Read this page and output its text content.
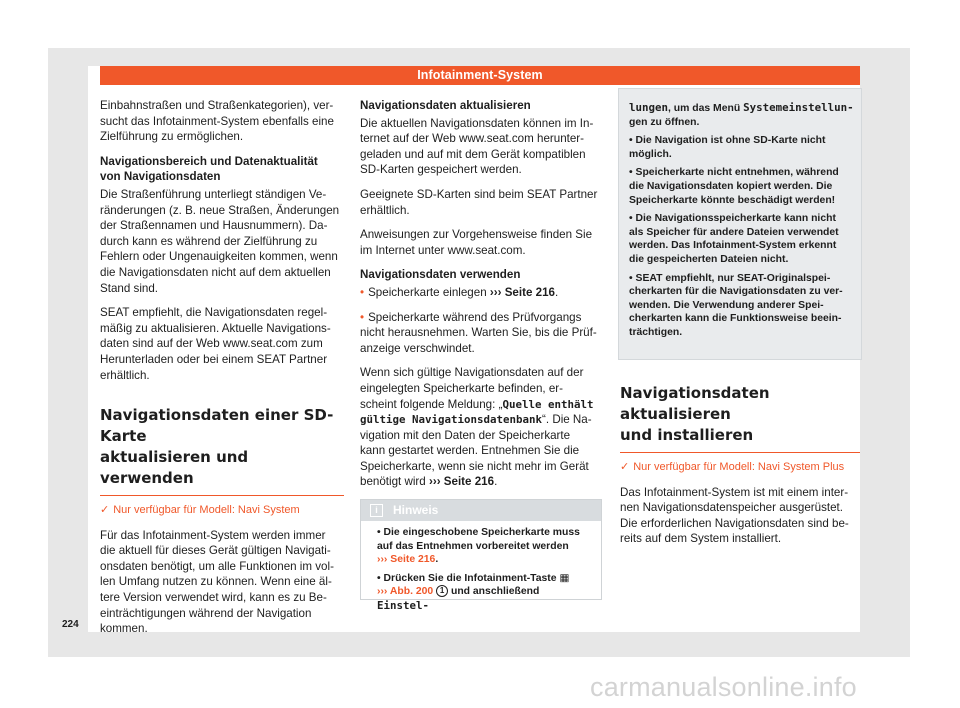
Infotainment-System

Einbahnstraßen und Straßenkategorien), ver-
sucht das Infotainment-System ebenfalls eine
Zielführung zu ermöglichen.

Navigationsbereich und Datenaktualität
von Navigationsdaten

Die Straßenführung unterliegt ständigen Ve-
ränderungen (z. B. neue Straßen, Änderungen
der Straßennamen und Hausnummern). Da-
durch kann es während der Zielführung zu
Fehlern oder Ungenauigkeiten kommen, wenn
die Navigationsdaten nicht auf dem aktuellen
Stand sind.

SEAT empfiehlt, die Navigationsdaten regel-
mäßig zu aktualisieren. Aktuelle Navigations-
daten sind auf der Web www.seat.com zum
Herunterladen oder bei einem SEAT Partner
erhältlich.

Navigationsdaten einer SD-Karte
aktualisieren und verwenden
✓ Nur verfügbar für Modell: Navi System

Für das Infotainment-System werden immer
die aktuell für dieses Gerät gültigen Navigati-
onsdaten benötigt, um alle Funktionen im vol-
len Umfang nutzen zu können. Wenn eine äl-
tere Version verwendet wird, kann es zu Be-
einträchtigungen während der Navigation
kommen.

Navigationsdaten aktualisieren

Die aktuellen Navigationsdaten können im In-
ternet auf der Web www.seat.com herunter-
geladen und auf mit dem Gerät kompatiblen
SD-Karten gespeichert werden.

Geeignete SD-Karten sind beim SEAT Partner
erhältlich.

Anweisungen zur Vorgehensweise finden Sie
im Internet unter www.seat.com.

Navigationsdaten verwenden

• Speicherkarte einlegen ››› Seite 216.

• Speicherkarte während des Prüfvorgangs
nicht herausnehmen. Warten Sie, bis die Prüf-
anzeige verschwindet.

Wenn sich gültige Navigationsdaten auf der
eingelegten Speicherkarte befinden, er-
scheint folgende Meldung: „Quelle enthält
gültige Navigationsdatenbank“. Die Na-
vigation mit den Daten der Speicherkarte
kann gestartet werden. Entnehmen Sie die
Speicherkarte, wenn sie nicht mehr im Gerät
benötigt wird ››› Seite 216.

i	Hinweis

• Die eingeschobene Speicherkarte muss
auf das Entnehmen vorbereitet werden
››› Seite 216.

• Drücken Sie die Infotainment-Taste ▦
››› Abb. 200 1 und anschließend Einstel-

lungen, um das Menü Systemeinstellun-
gen zu öffnen.

• Die Navigation ist ohne SD-Karte nicht
möglich.

• Speicherkarte nicht entnehmen, während
die Navigationsdaten kopiert werden. Die
Speicherkarte könnte beschädigt werden!

• Die Navigationsspeicherkarte kann nicht
als Speicher für andere Dateien verwendet
werden. Das Infotainment-System erkennt
die gespeicherten Dateien nicht.

• SEAT empfiehlt, nur SEAT-Originalspei-
cherkarten für die Navigationsdaten zu ver-
wenden. Die Verwendung anderer Spei-
cherkarten kann die Funktionsweise beein-
trächtigen.

Navigationsdaten aktualisieren
und installieren
✓ Nur verfügbar für Modell: Navi System Plus

Das Infotainment-System ist mit einem inter-
nen Navigationsdatenspeicher ausgerüstet.
Die erforderlichen Navigationsdaten sind be-
reits auf dem System installiert.

224
carmanualsonline.info
